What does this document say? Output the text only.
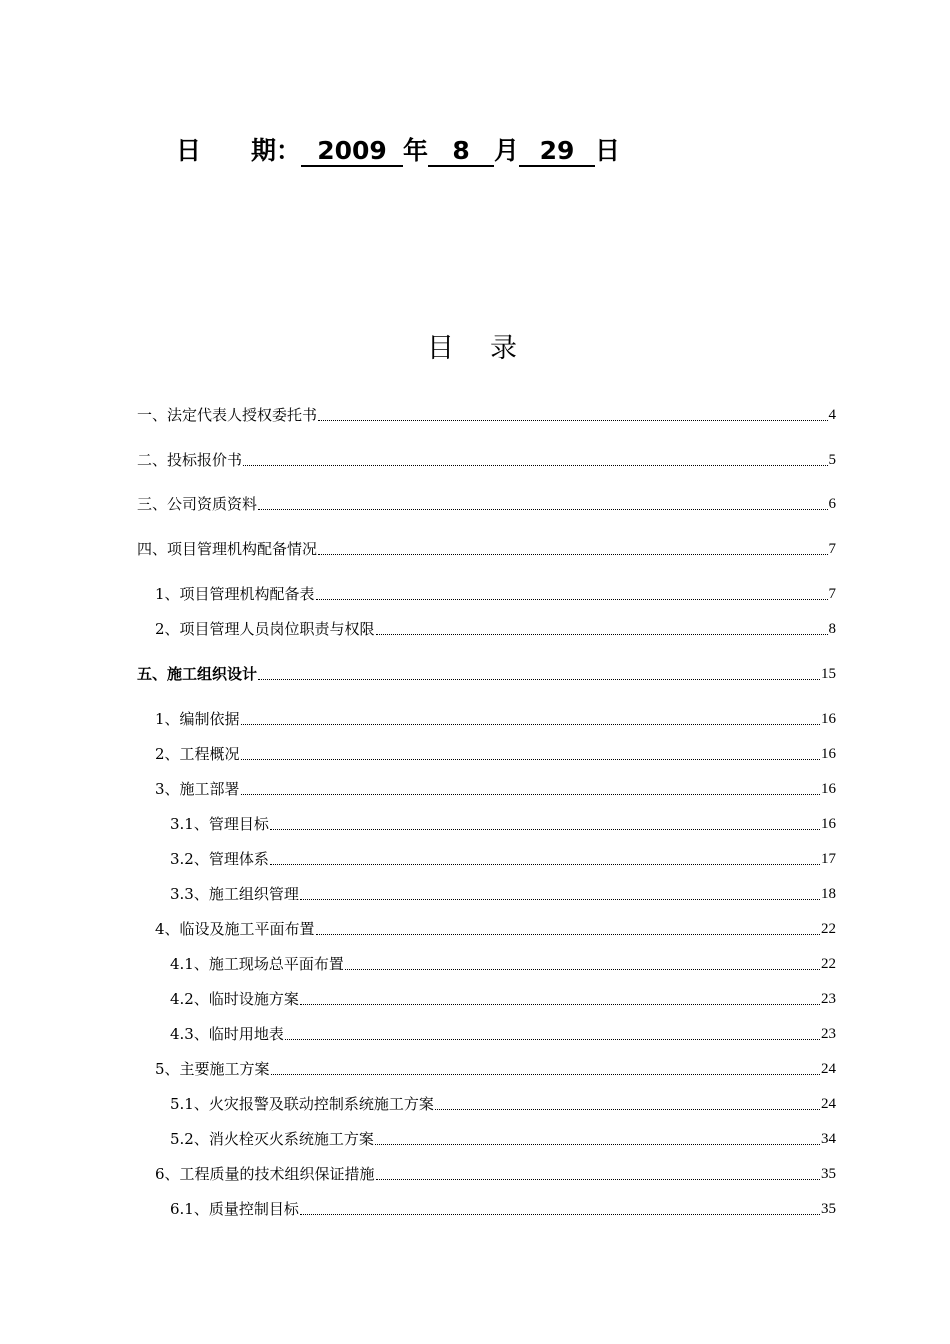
日　　期： 2009 年 8 月 29 日
目录
一、法定代表人授权委托书	4
二、投标报价书	5
三、公司资质资料	6
四、项目管理机构配备情况	7
1、项目管理机构配备表	7
2、项目管理人员岗位职责与权限	8
五、施工组织设计	15
1、编制依据	16
2、工程概况	16
3、施工部署	16
3.1、管理目标	16
3.2、管理体系	17
3.3、施工组织管理	18
4、临设及施工平面布置	22
4.1、施工现场总平面布置	22
4.2、临时设施方案	23
4.3、临时用地表	23
5、主要施工方案	24
5.1、火灾报警及联动控制系统施工方案	24
5.2、消火栓灭火系统施工方案	34
6、工程质量的技术组织保证措施	35
6.1、质量控制目标	35
